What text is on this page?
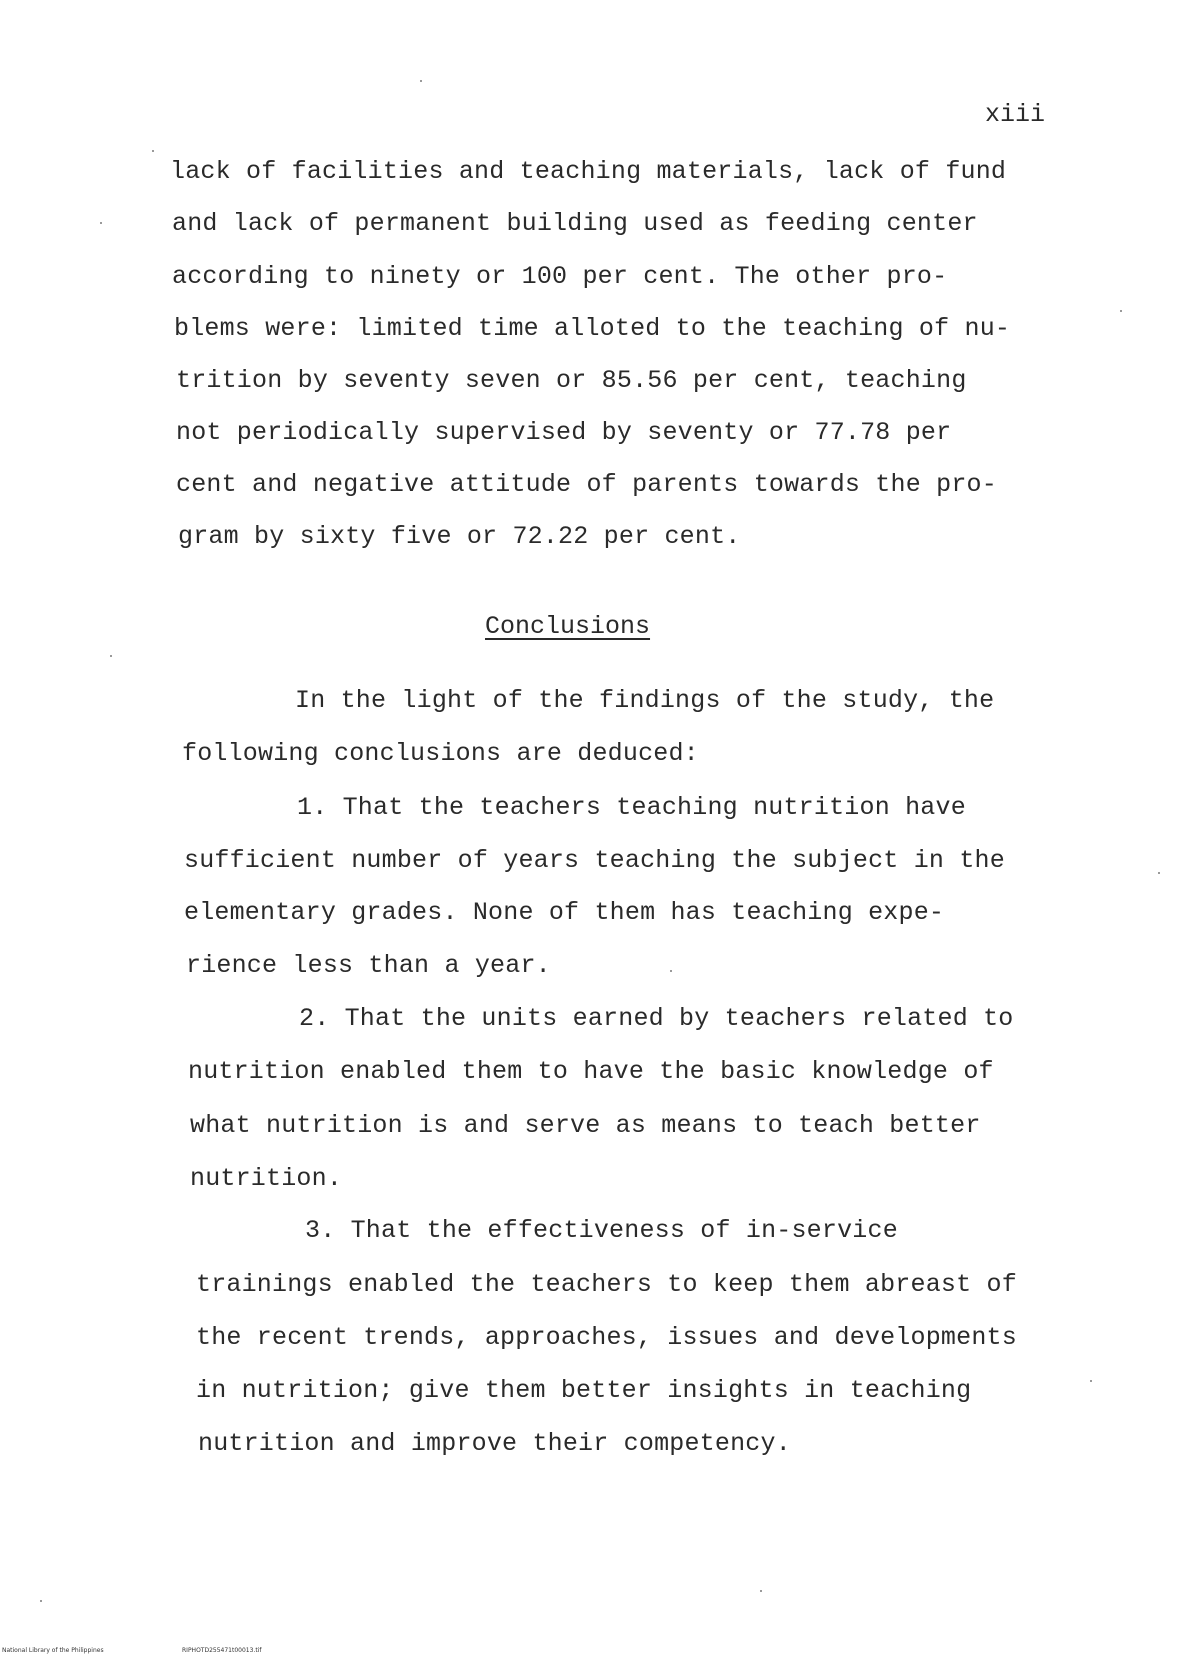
xiii
lack of facilities and teaching materials, lack of fund
and lack of permanent building used as feeding center
according to ninety or 100 per cent. The other pro-
blems were: limited time alloted to the teaching of nu-
trition by seventy seven or 85.56 per cent, teaching
not periodically supervised by seventy or 77.78 per
cent and negative attitude of parents towards the pro-
gram by sixty five or 72.22 per cent.
Conclusions
In the light of the findings of the study, the
following conclusions are deduced:
1. That the teachers teaching nutrition have
sufficient number of years teaching the subject in the
elementary grades. None of them has teaching expe-
rience less than a year.
2. That the units earned by teachers related to
nutrition enabled them to have the basic knowledge of
what nutrition is and serve as means to teach better
nutrition.
3. That the effectiveness of in-service
trainings enabled the teachers to keep them abreast of
the recent trends, approaches, issues and developments
in nutrition; give them better insights in teaching
nutrition and improve their competency.
National Library of the Philippines	RIPHOTD255471t00013.tif
